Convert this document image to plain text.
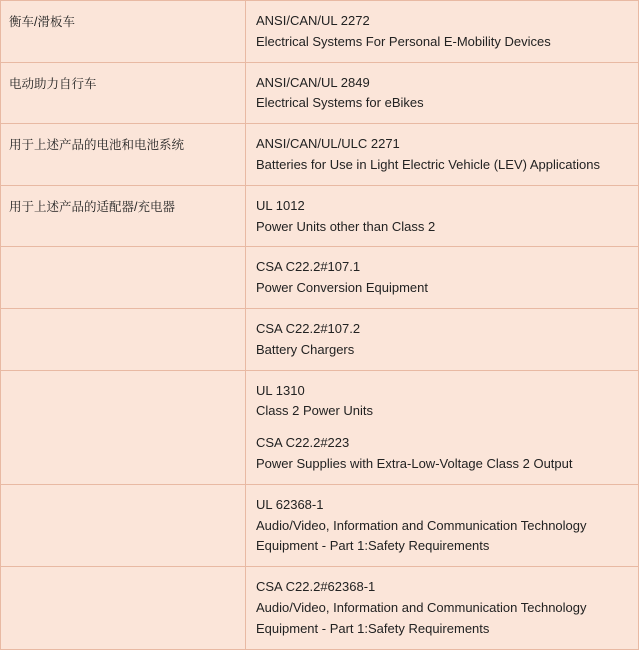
衡车/滑板车	ANSI/CAN/UL 2272
Electrical Systems For Personal E-Mobility Devices

电动助力自行车	ANSI/CAN/UL 2849
Electrical Systems for eBikes

用于上述产品的电池和电池系统	ANSI/CAN/UL/ULC 2271
Batteries for Use in Light Electric Vehicle (LEV) Applications

用于上述产品的适配器/充电器	UL 1012
Power Units other than Class 2

	CSA C22.2#107.1
Power Conversion Equipment

	CSA C22.2#107.2
Battery Chargers

	UL 1310
Class 2 Power Units
CSA C22.2#223
Power Supplies with Extra-Low-Voltage Class 2 Output

	UL 62368-1
Audio/Video, Information and Communication Technology Equipment - Part 1:Safety Requirements

	CSA C22.2#62368-1
Audio/Video, Information and Communication Technology Equipment - Part 1:Safety Requirements
